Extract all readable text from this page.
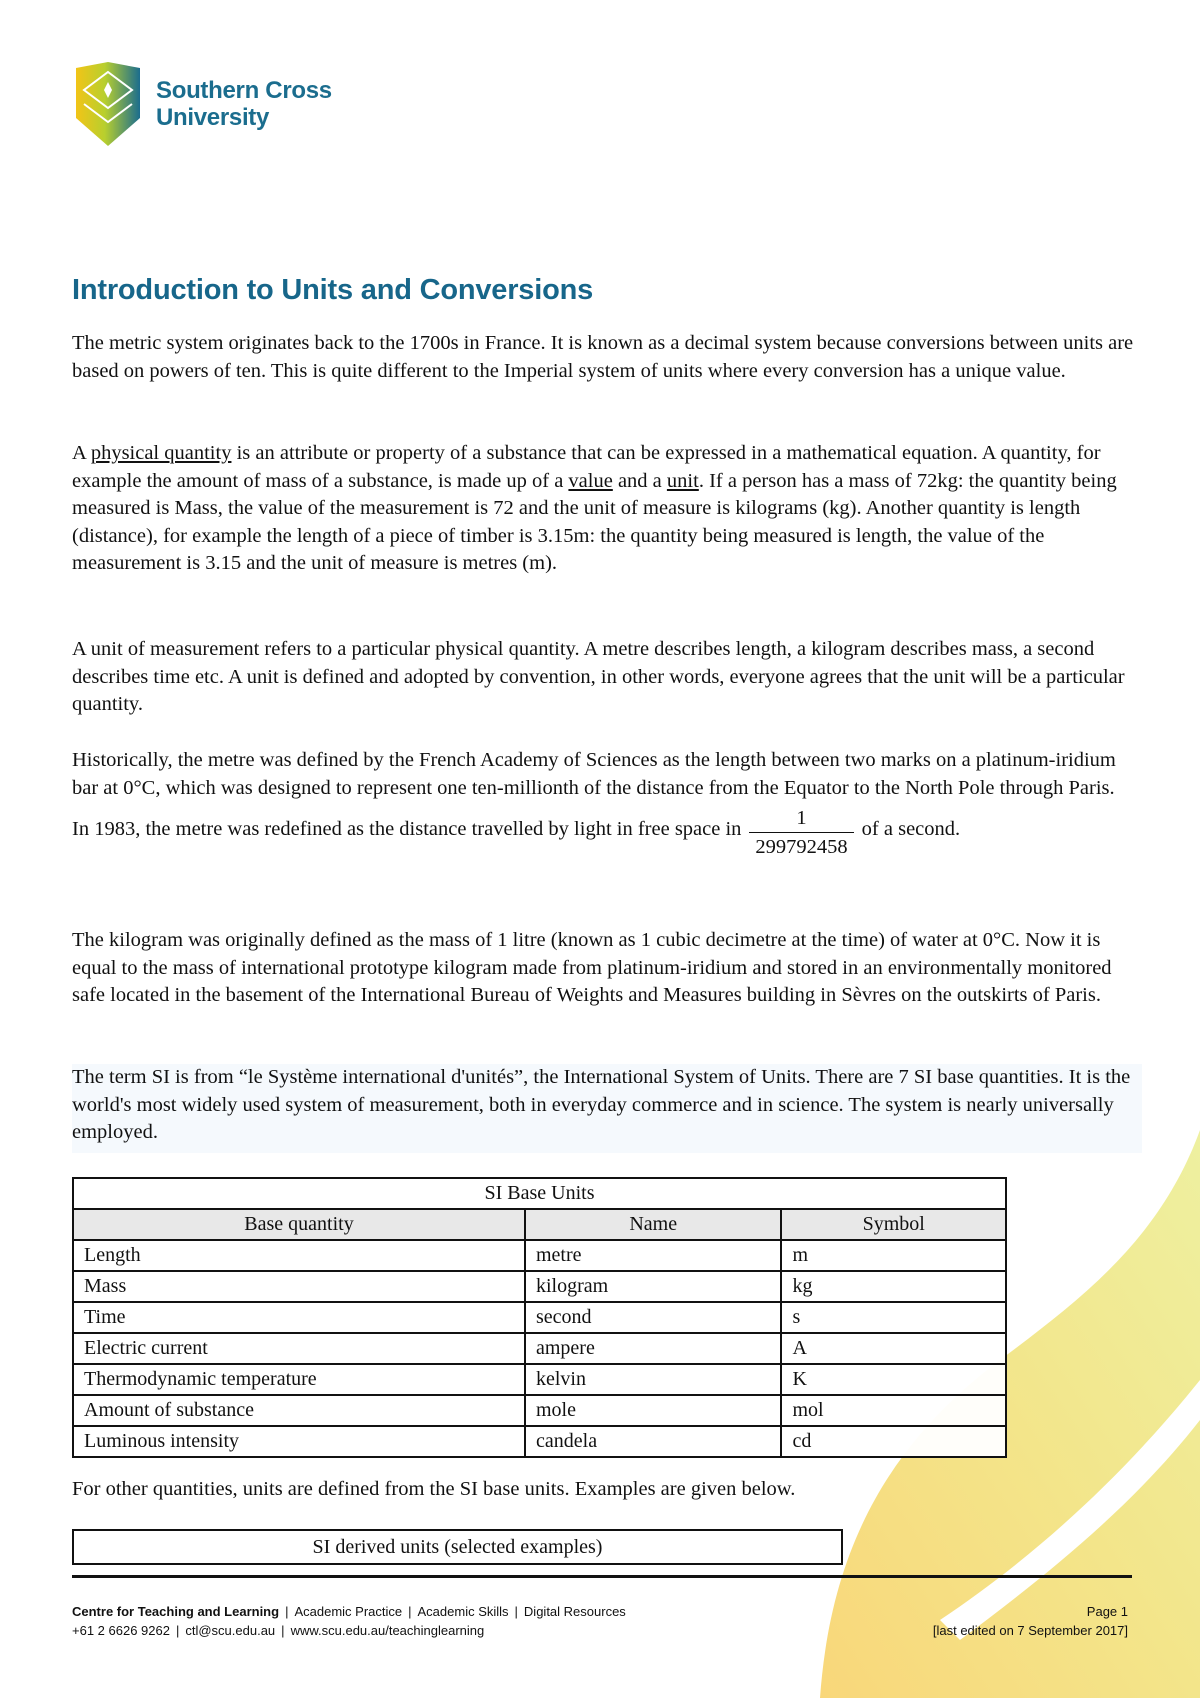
Southern Cross
University
Introduction to Units and Conversions

The metric system originates back to the 1700s in France. It is known as a decimal system because conversions between units are based on powers of ten. This is quite different to the Imperial system of units where every conversion has a unique value.

A physical quantity is an attribute or property of a substance that can be expressed in a mathematical equation. A quantity, for example the amount of mass of a substance, is made up of a value and a unit. If a person has a mass of 72kg: the quantity being measured is Mass, the value of the measurement is 72 and the unit of measure is kilograms (kg). Another quantity is length (distance), for example the length of a piece of timber is 3.15m: the quantity being measured is length, the value of the measurement is 3.15 and the unit of measure is metres (m).

A unit of measurement refers to a particular physical quantity. A metre describes length, a kilogram describes mass, a second describes time etc. A unit is defined and adopted by convention, in other words, everyone agrees that the unit will be a particular quantity.

Historically, the metre was defined by the French Academy of Sciences as the length between two marks on a platinum-iridium bar at 0°C, which was designed to represent one ten-millionth of the distance from the Equator to the North Pole through Paris. In 1983, the metre was redefined as the distance travelled by light in free space in $\frac{1}{299792458}$ of a second.

The kilogram was originally defined as the mass of 1 litre (known as 1 cubic decimetre at the time) of water at 0°C. Now it is equal to the mass of international prototype kilogram made from platinum-iridium and stored in an environmentally monitored safe located in the basement of the International Bureau of Weights and Measures building in Sèvres on the outskirts of Paris.

The term SI is from “le Système international d'unités”, the International System of Units. There are 7 SI base quantities. It is the world's most widely used system of measurement, both in everyday commerce and in science. The system is nearly universally employed.

SI Base Units		
Base quantity	Name	Symbol
Length	metre	m
Mass	kilogram	kg
Time	second	s
Electric current	ampere	A
Thermodynamic temperature	kelvin	K
Amount of substance	mole	mol
Luminous intensity	candela	cd

For other quantities, units are defined from the SI base units. Examples are given below.

SI derived units (selected examples)
Centre for Teaching and Learning | Academic Practice | Academic Skills | Digital Resources
+61 2 6626 9262 | ctl@scu.edu.au | www.scu.edu.au/teachinglearning
Page 1
[last edited on 7 September 2017]
